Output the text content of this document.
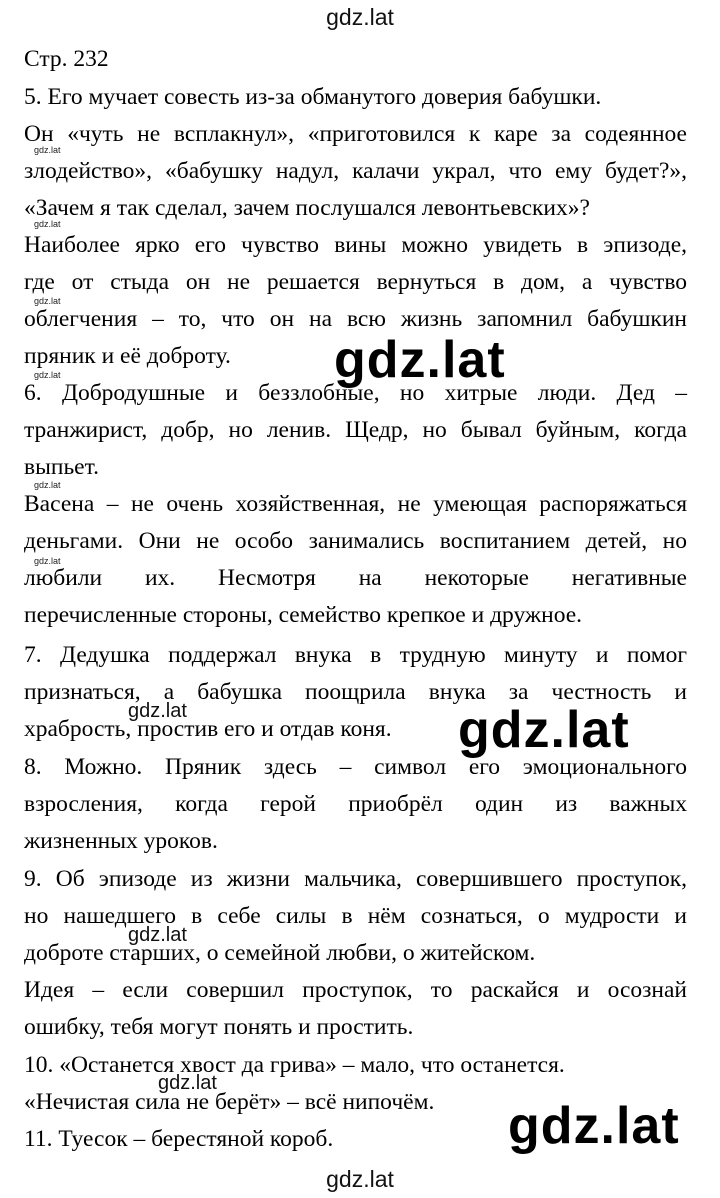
gdz.lat
Стр. 232
5. Его мучает совесть из-за обманутого доверия бабушки.
Он «чуть не всплакнул», «приготовился к каре за содеянное
злодейство», «бабушку надул, калачи украл, что ему будет?»,
«Зачем я так сделал, зачем послушался левонтьевских»?
Наиболее ярко его чувство вины можно увидеть в эпизоде,
где от стыда он не решается вернуться в дом, а чувство
облегчения – то, что он на всю жизнь запомнил бабушкин
пряник и её доброту.
6. Добродушные и беззлобные, но хитрые люди. Дед –
транжирист, добр, но ленив. Щедр, но бывал буйным, когда
выпьет.
Васена – не очень хозяйственная, не умеющая распоряжаться
деньгами. Они не особо занимались воспитанием детей, но
любили их. Несмотря на некоторые негативные
перечисленные стороны, семейство крепкое и дружное.
7. Дедушка поддержал внука в трудную минуту и помог
признаться, а бабушка поощрила внука за честность и
храбрость, простив его и отдав коня.
8. Можно. Пряник здесь – символ его эмоционального
взросления, когда герой приобрёл один из важных
жизненных уроков.
9. Об эпизоде из жизни мальчика, совершившего проступок,
но нашедшего в себе силы в нём сознаться, о мудрости и
доброте старших, о семейной любви, о житейском.
Идея – если совершил проступок, то раскайся и осознай
ошибку, тебя могут понять и простить.
10. «Останется хвост да грива» – мало, что останется.
«Нечистая сила не берёт» – всё нипочём.
11. Туесок – берестяной короб.
gdz.lat
gdz.lat
gdz.lat
gdz.lat
gdz.lat
gdz.lat
gdz.lat
gdz.lat
gdz.lat
gdz.lat
gdz.lat
gdz.lat
gdz.lat
